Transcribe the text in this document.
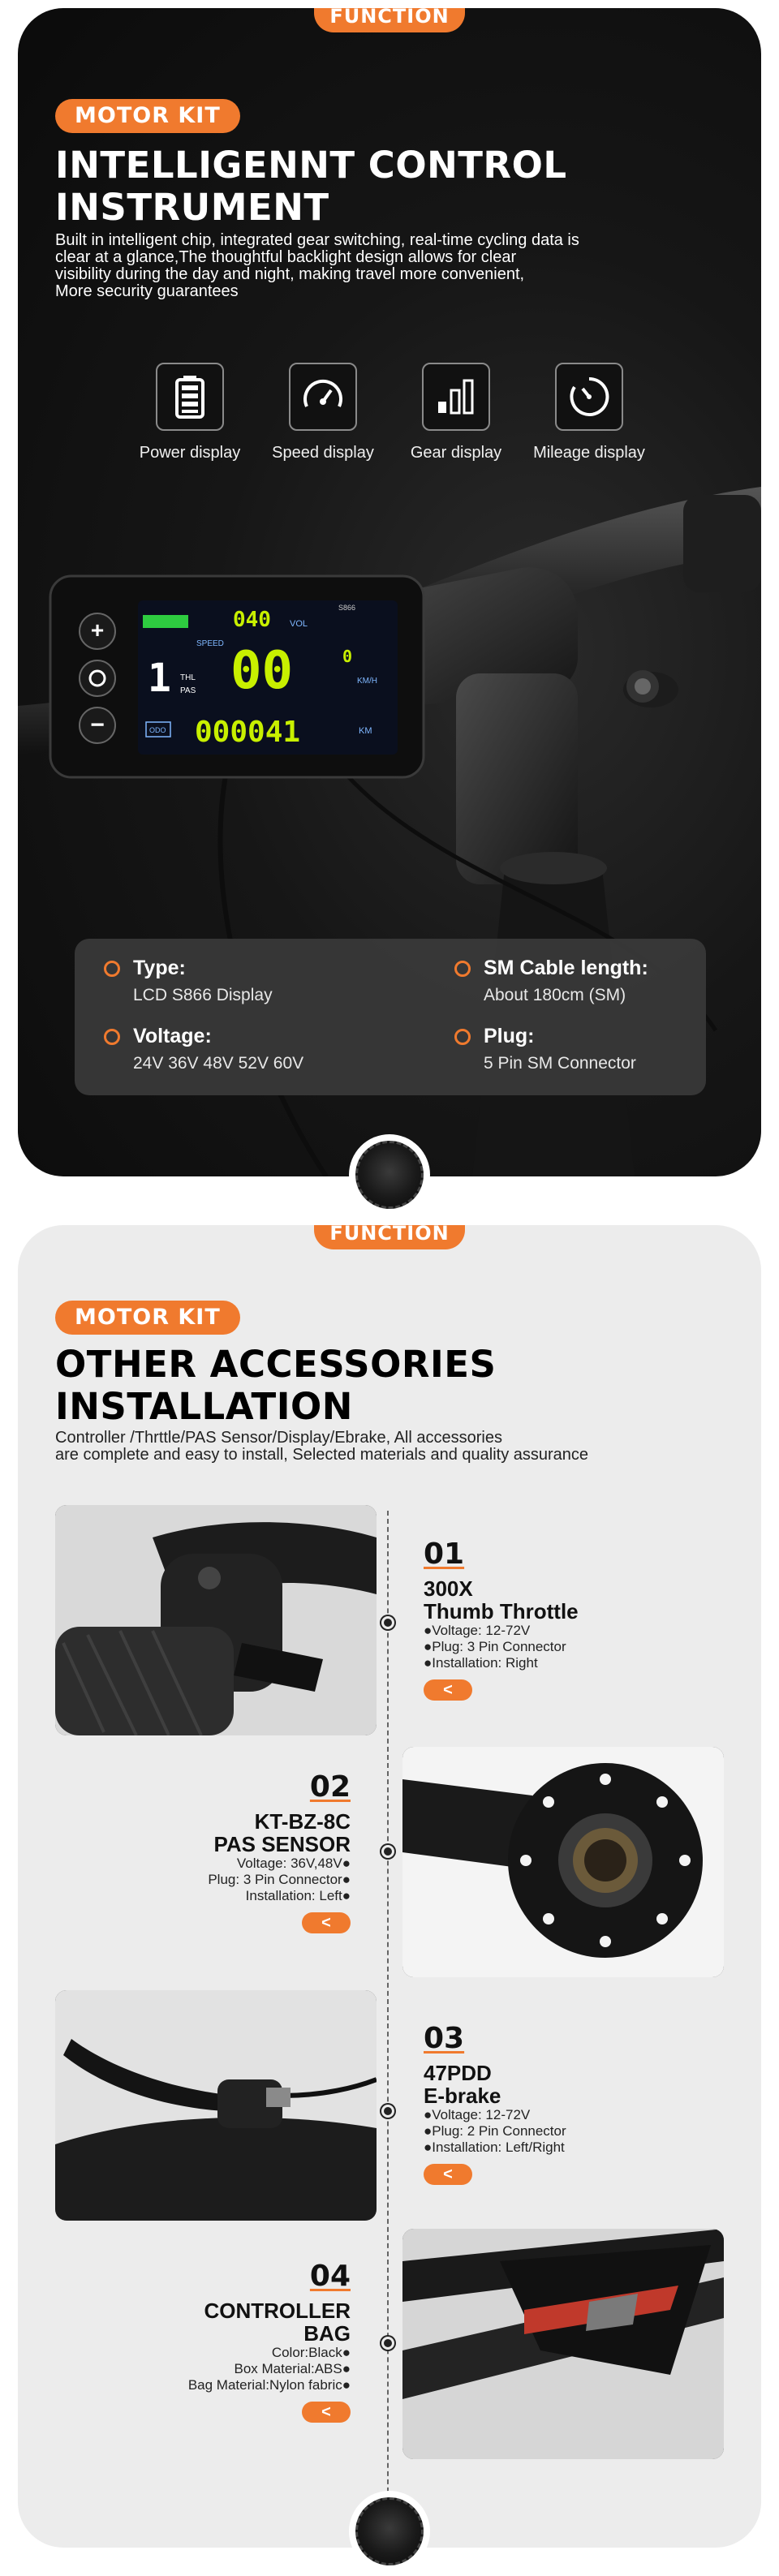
FUNCTION
MOTOR KIT
INTELLIGENNT CONTROL
INSTRUMENT
Built in intelligent chip, integrated gear switching, real-time cycling data is
clear at a glance,The thoughtful backlight design allows for clear
visibility during the day and night, making travel more convenient,
More security guarantees
Power display	Speed display	Gear display	Mileage display
+
−
040 VOL
S866
SPEED 00	0
KM/H
1 THL
PAS
ODO 000041	KM
Type:
LCD S866 Display
SM Cable length:
About 180cm (SM)
Voltage:
24V 36V 48V 52V 60V
Plug:
5 Pin SM Connector
FUNCTION
MOTOR KIT
OTHER ACCESSORIES
INSTALLATION
Controller /Thrttle/PAS Sensor/Display/Ebrake, All accessories
are complete and easy to install, Selected materials and quality assurance
01
300X
Thumb Throttle
●Voltage: 12-72V
●Plug: 3 Pin Connector
●Installation: Right
<
02
KT-BZ-8C
PAS SENSOR
Voltage: 36V,48V●
Plug: 3 Pin Connector●
Installation: Left●
<
03
47PDD
E-brake
●Voltage: 12-72V
●Plug: 2 Pin Connector
●Installation: Left/Right
<
04
CONTROLLER
BAG
Color:Black●
Box Material:ABS●
Bag Material:Nylon fabric●
<
